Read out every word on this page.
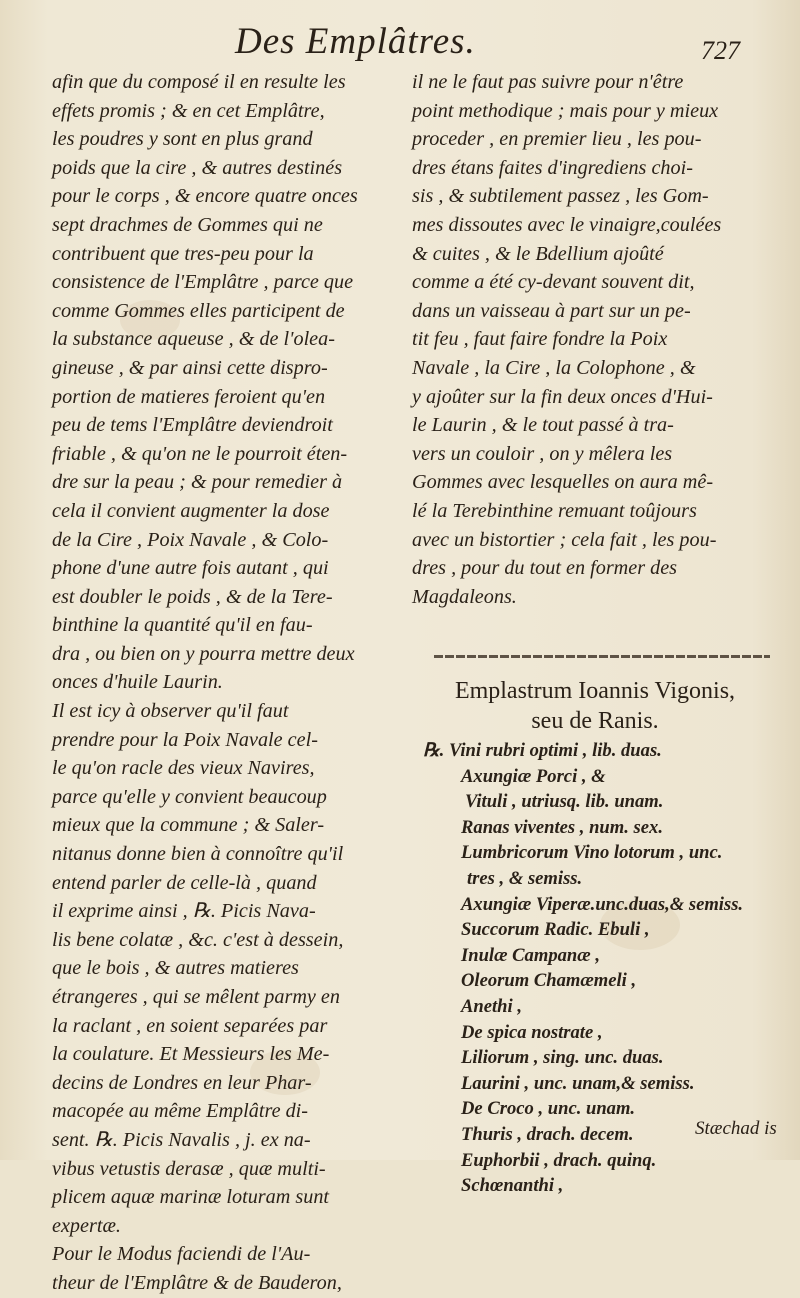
Des Emplâtres.	727
afin que du composé il en resulte les
effets promis ; & en cet Emplâtre,
les poudres y sont en plus grand
poids que la cire , & autres destinés
pour le corps , & encore quatre onces
sept drachmes de Gommes qui ne
contribuent que tres-peu pour la
consistence de l'Emplâtre , parce que
comme Gommes elles participent de
la substance aqueuse , & de l'olea-
gineuse , & par ainsi cette dispro-
portion de matieres feroient qu'en
peu de tems l'Emplâtre deviendroit
friable , & qu'on ne le pourroit éten-
dre sur la peau ; & pour remedier à
cela il convient augmenter la dose
de la Cire , Poix Navale , & Colo-
phone d'une autre fois autant , qui
est doubler le poids , & de la Tere-
binthine la quantité qu'il en fau-
dra , ou bien on y pourra mettre deux
onces d'huile Laurin.
Il est icy à observer qu'il faut
prendre pour la Poix Navale cel-
le qu'on racle des vieux Navires,
parce qu'elle y convient beaucoup
mieux que la commune ; & Saler-
nitanus donne bien à connoître qu'il
entend parler de celle-là , quand
il exprime ainsi , ℞. Picis Nava-
lis bene colatæ , &c. c'est à dessein,
que le bois , & autres matieres
étrangeres , qui se mêlent parmy en
la raclant , en soient separées par
la coulature. Et Messieurs les Me-
decins de Londres en leur Phar-
macopée au même Emplâtre di-
sent. ℞. Picis Navalis , j. ex na-
vibus vetustis derasæ , quæ multi-
plicem aquæ marinæ loturam sunt
expertæ.
Pour le Modus faciendi de l'Au-
theur de l'Emplâtre & de Bauderon,
il ne le faut pas suivre pour n'être
point methodique ; mais pour y mieux
proceder , en premier lieu , les pou-
dres étans faites d'ingrediens choi-
sis , & subtilement passez , les Gom-
mes dissoutes avec le vinaigre,coulées
& cuites , & le Bdellium ajoûté
comme a été cy-devant souvent dit,
dans un vaisseau à part sur un pe-
tit feu , faut faire fondre la Poix
Navale , la Cire , la Colophone , &
y ajoûter sur la fin deux onces d'Hui-
le Laurin , & le tout passé à tra-
vers un couloir , on y mêlera les
Gommes avec lesquelles on aura mê-
lé la Terebinthine remuant toûjours
avec un bistortier ; cela fait , les pou-
dres , pour du tout en former des
Magdaleons.
Emplastrum Ioannis Vigonis,
seu de Ranis.
℞. Vini rubri optimi , lib. duas.
Axungiæ Porci , &
Vituli , utriusq. lib. unam.
Ranas viventes , num. sex.
Lumbricorum Vino lotorum , unc.
tres , & semiss.
Axungiæ Viperæ.unc.duas,& semiss.
Succorum Radic. Ebuli ,
Inulæ Campanæ ,
Oleorum Chamæmeli ,
Anethi ,
De spica nostrate ,
Liliorum , sing. unc. duas.
Laurini , unc. unam,& semiss.
De Croco , unc. unam.
Thuris , drach. decem.
Euphorbii , drach. quinq.
Schœnanthi ,
Stæchad is
